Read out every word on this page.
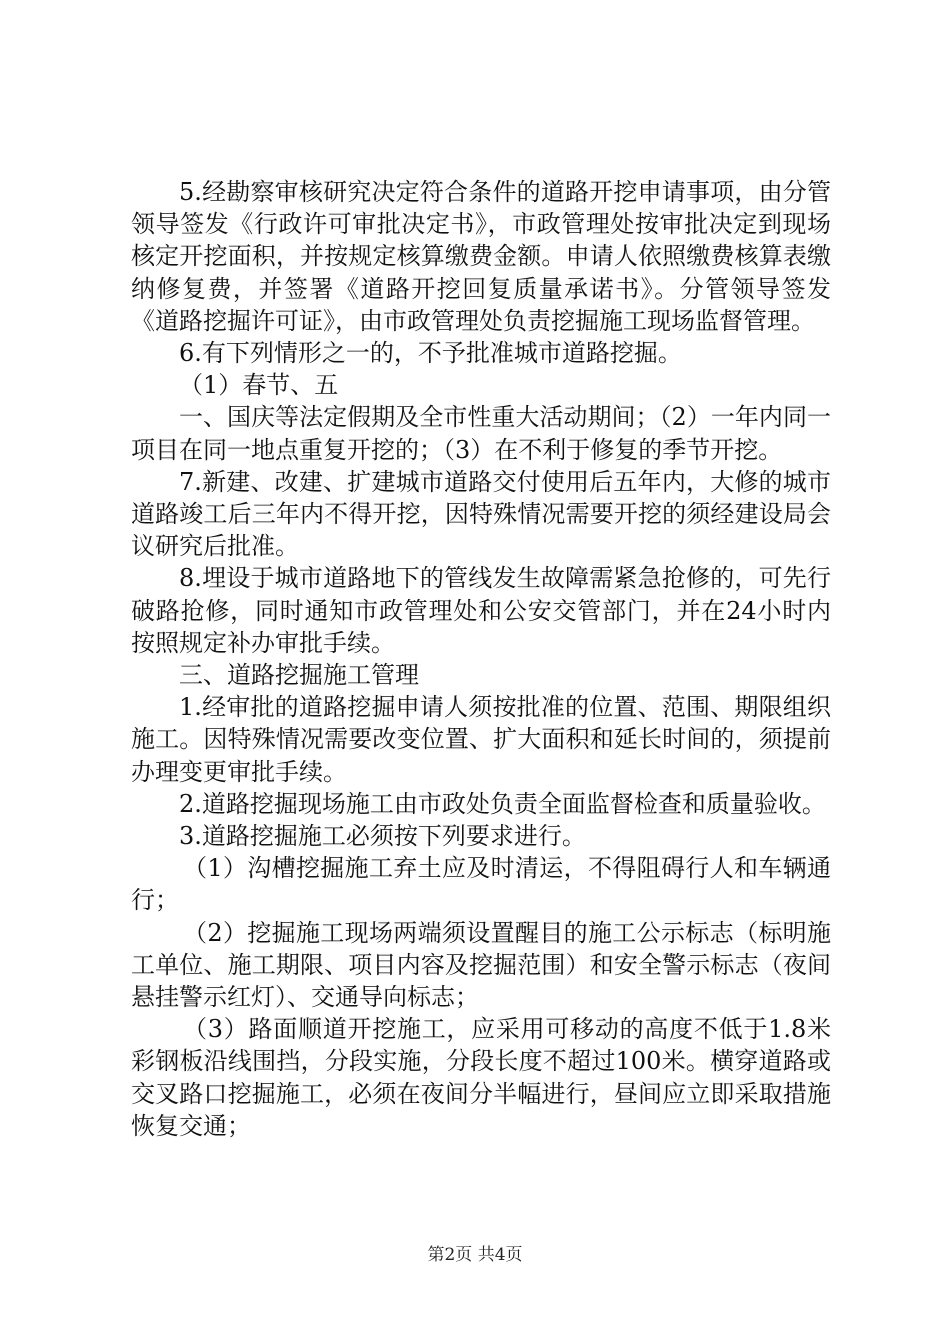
5.经勘察审核研究决定符合条件的道路开挖申请事项，由分管领导签发《行政许可审批决定书》，市政管理处按审批决定到现场核定开挖面积，并按规定核算缴费金额。申请人依照缴费核算表缴纳修复费，并签署《道路开挖回复质量承诺书》。分管领导签发《道路挖掘许可证》，由市政管理处负责挖掘施工现场监督管理。

6.有下列情形之一的，不予批准城市道路挖掘。

（1）春节、五

一、国庆等法定假期及全市性重大活动期间；（2）一年内同一项目在同一地点重复开挖的；（3）在不利于修复的季节开挖。

7.新建、改建、扩建城市道路交付使用后五年内，大修的城市道路竣工后三年内不得开挖，因特殊情况需要开挖的须经建设局会议研究后批准。

8.埋设于城市道路地下的管线发生故障需紧急抢修的，可先行破路抢修，同时通知市政管理处和公安交管部门，并在24小时内按照规定补办审批手续。

三、道路挖掘施工管理

1.经审批的道路挖掘申请人须按批准的位置、范围、期限组织施工。因特殊情况需要改变位置、扩大面积和延长时间的，须提前办理变更审批手续。

2.道路挖掘现场施工由市政处负责全面监督检查和质量验收。

3.道路挖掘施工必须按下列要求进行。

（1）沟槽挖掘施工弃土应及时清运，不得阻碍行人和车辆通行；

（2）挖掘施工现场两端须设置醒目的施工公示标志（标明施工单位、施工期限、项目内容及挖掘范围）和安全警示标志（夜间悬挂警示红灯）、交通导向标志；

（3）路面顺道开挖施工，应采用可移动的高度不低于1.8米彩钢板沿线围挡，分段实施，分段长度不超过100米。横穿道路或交叉路口挖掘施工，必须在夜间分半幅进行，昼间应立即采取措施恢复交通；

第2页 共4页
